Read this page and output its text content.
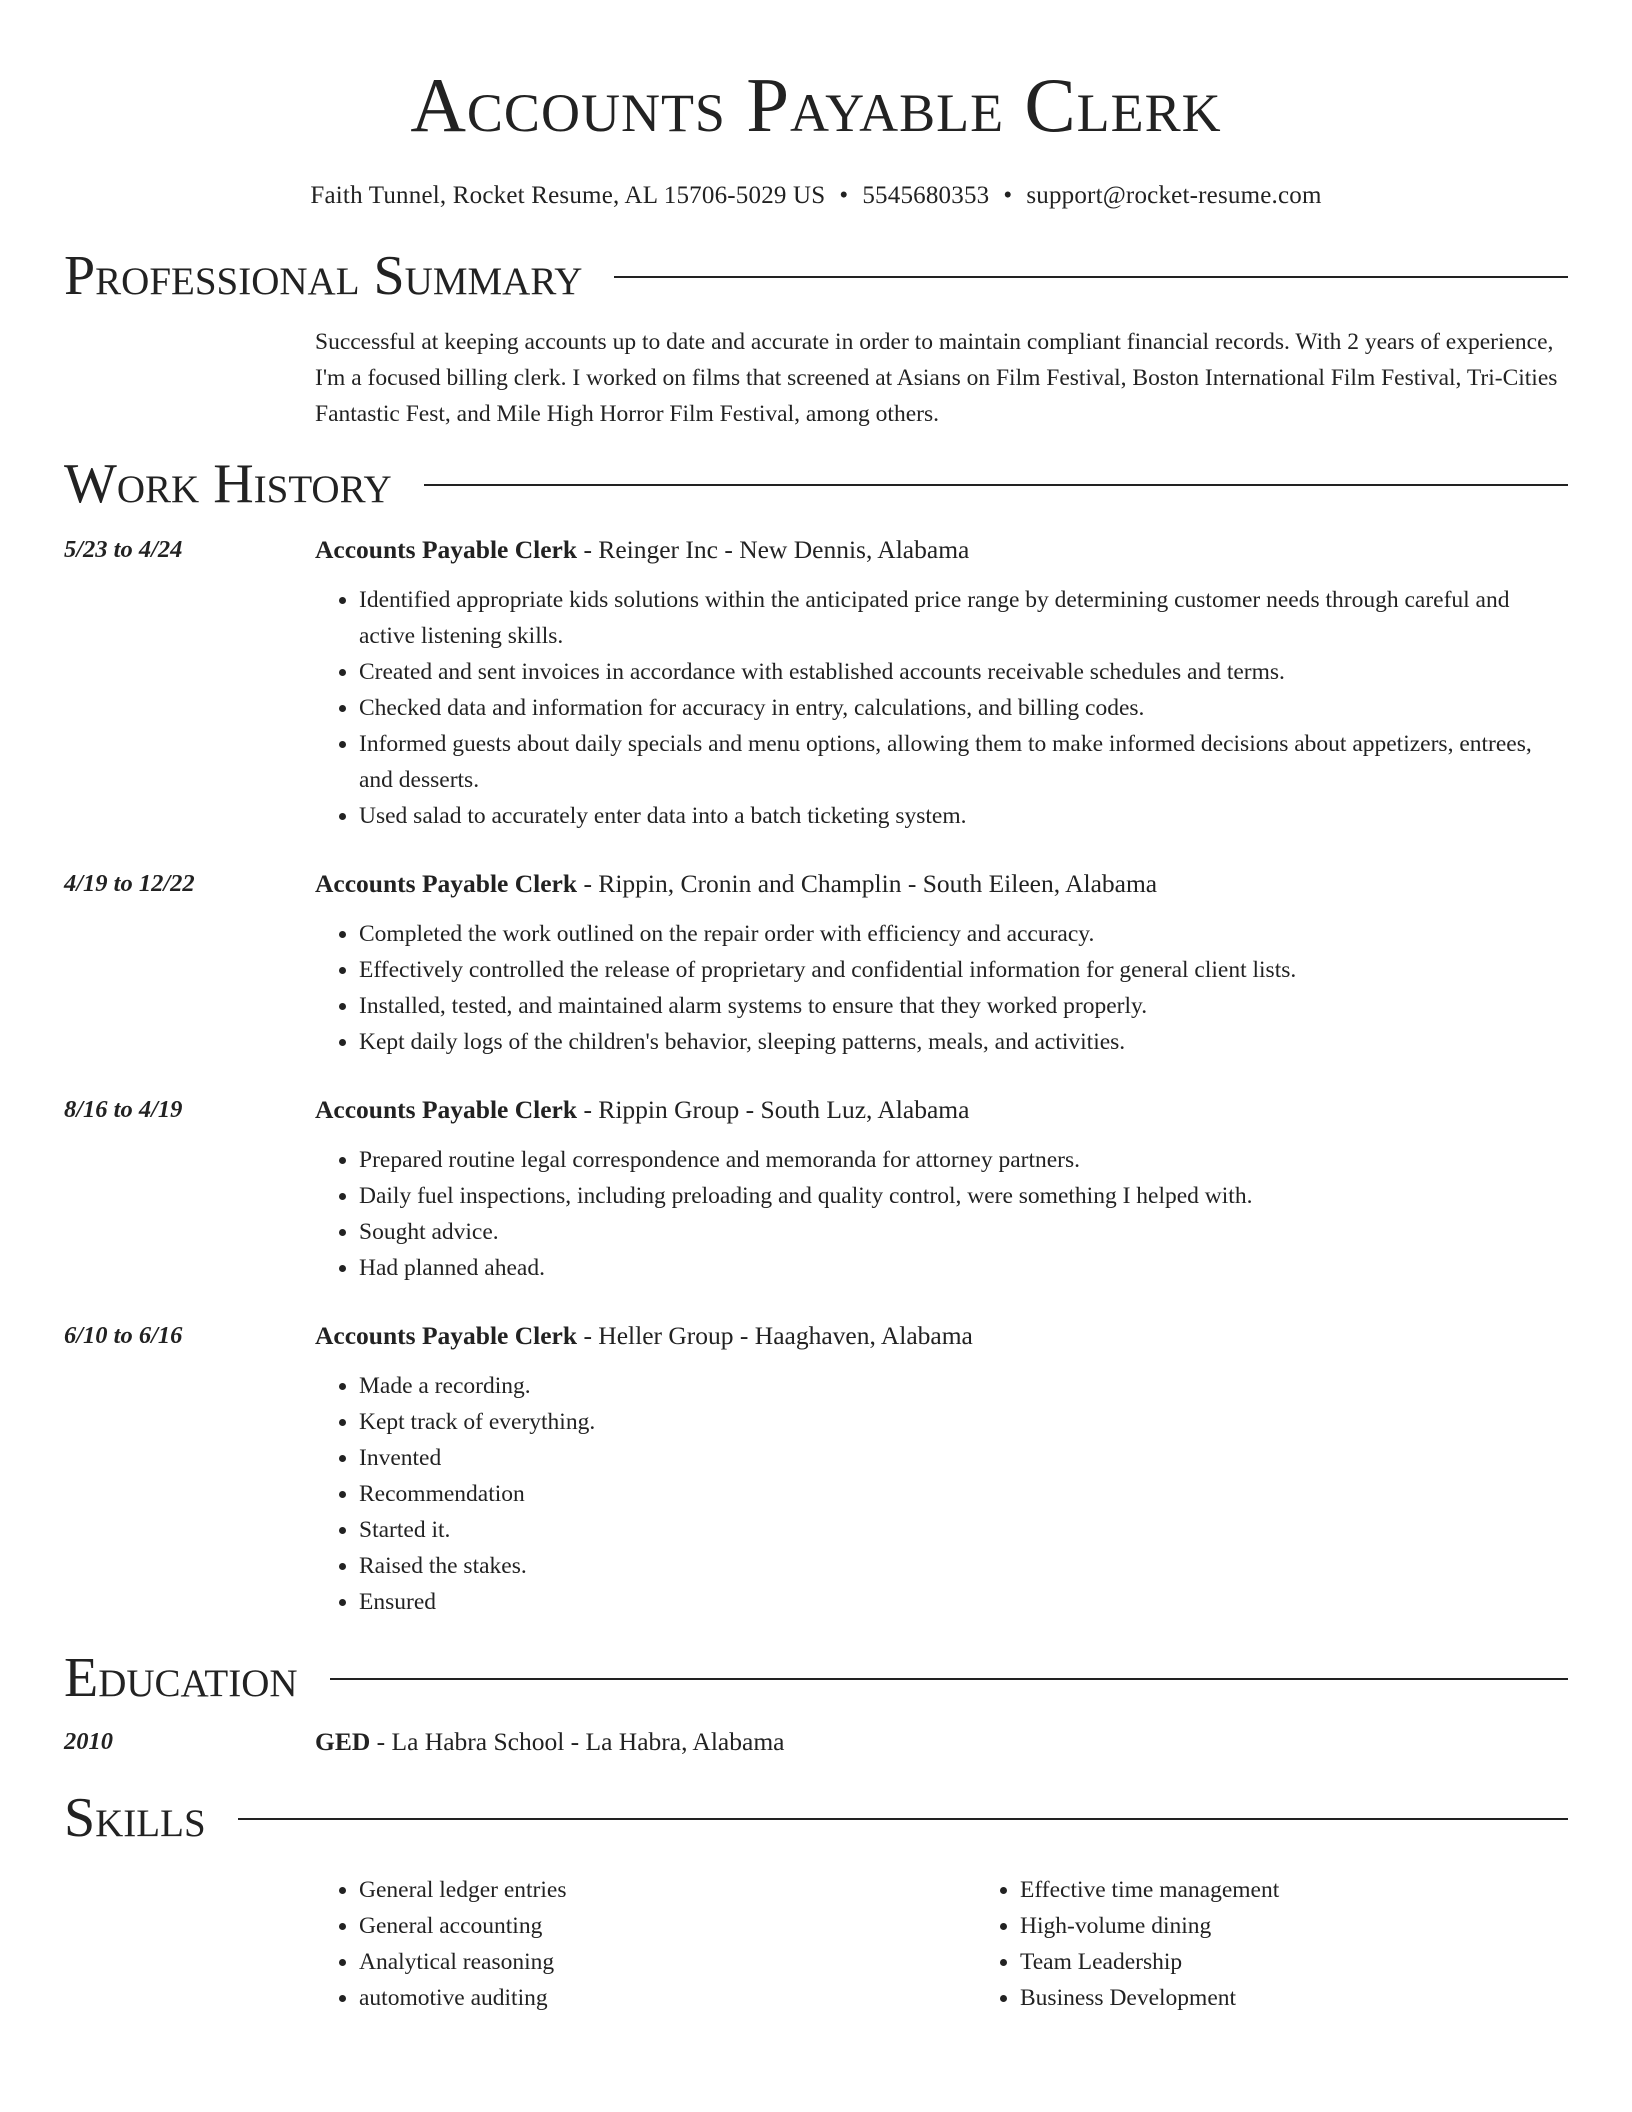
Accounts Payable Clerk
Faith Tunnel, Rocket Resume, AL 15706-5029 US • 5545680353 • support@rocket-resume.com
Professional Summary
Successful at keeping accounts up to date and accurate in order to maintain compliant financial records. With 2 years of experience, I'm a focused billing clerk. I worked on films that screened at Asians on Film Festival, Boston International Film Festival, Tri-Cities Fantastic Fest, and Mile High Horror Film Festival, among others.
Work History
5/23 to 4/24	Accounts Payable Clerk - Reinger Inc - New Dennis, Alabama
• Identified appropriate kids solutions within the anticipated price range by determining customer needs through careful and active listening skills.
• Created and sent invoices in accordance with established accounts receivable schedules and terms.
• Checked data and information for accuracy in entry, calculations, and billing codes.
• Informed guests about daily specials and menu options, allowing them to make informed decisions about appetizers, entrees, and desserts.
• Used salad to accurately enter data into a batch ticketing system.
4/19 to 12/22	Accounts Payable Clerk - Rippin, Cronin and Champlin - South Eileen, Alabama
• Completed the work outlined on the repair order with efficiency and accuracy.
• Effectively controlled the release of proprietary and confidential information for general client lists.
• Installed, tested, and maintained alarm systems to ensure that they worked properly.
• Kept daily logs of the children's behavior, sleeping patterns, meals, and activities.
8/16 to 4/19	Accounts Payable Clerk - Rippin Group - South Luz, Alabama
• Prepared routine legal correspondence and memoranda for attorney partners.
• Daily fuel inspections, including preloading and quality control, were something I helped with.
• Sought advice.
• Had planned ahead.
6/10 to 6/16	Accounts Payable Clerk - Heller Group - Haaghaven, Alabama
• Made a recording.
• Kept track of everything.
• Invented
• Recommendation
• Started it.
• Raised the stakes.
• Ensured
Education
2010	GED - La Habra School - La Habra, Alabama
Skills
• General ledger entries
• General accounting
• Analytical reasoning
• automotive auditing
• Effective time management
• High-volume dining
• Team Leadership
• Business Development
